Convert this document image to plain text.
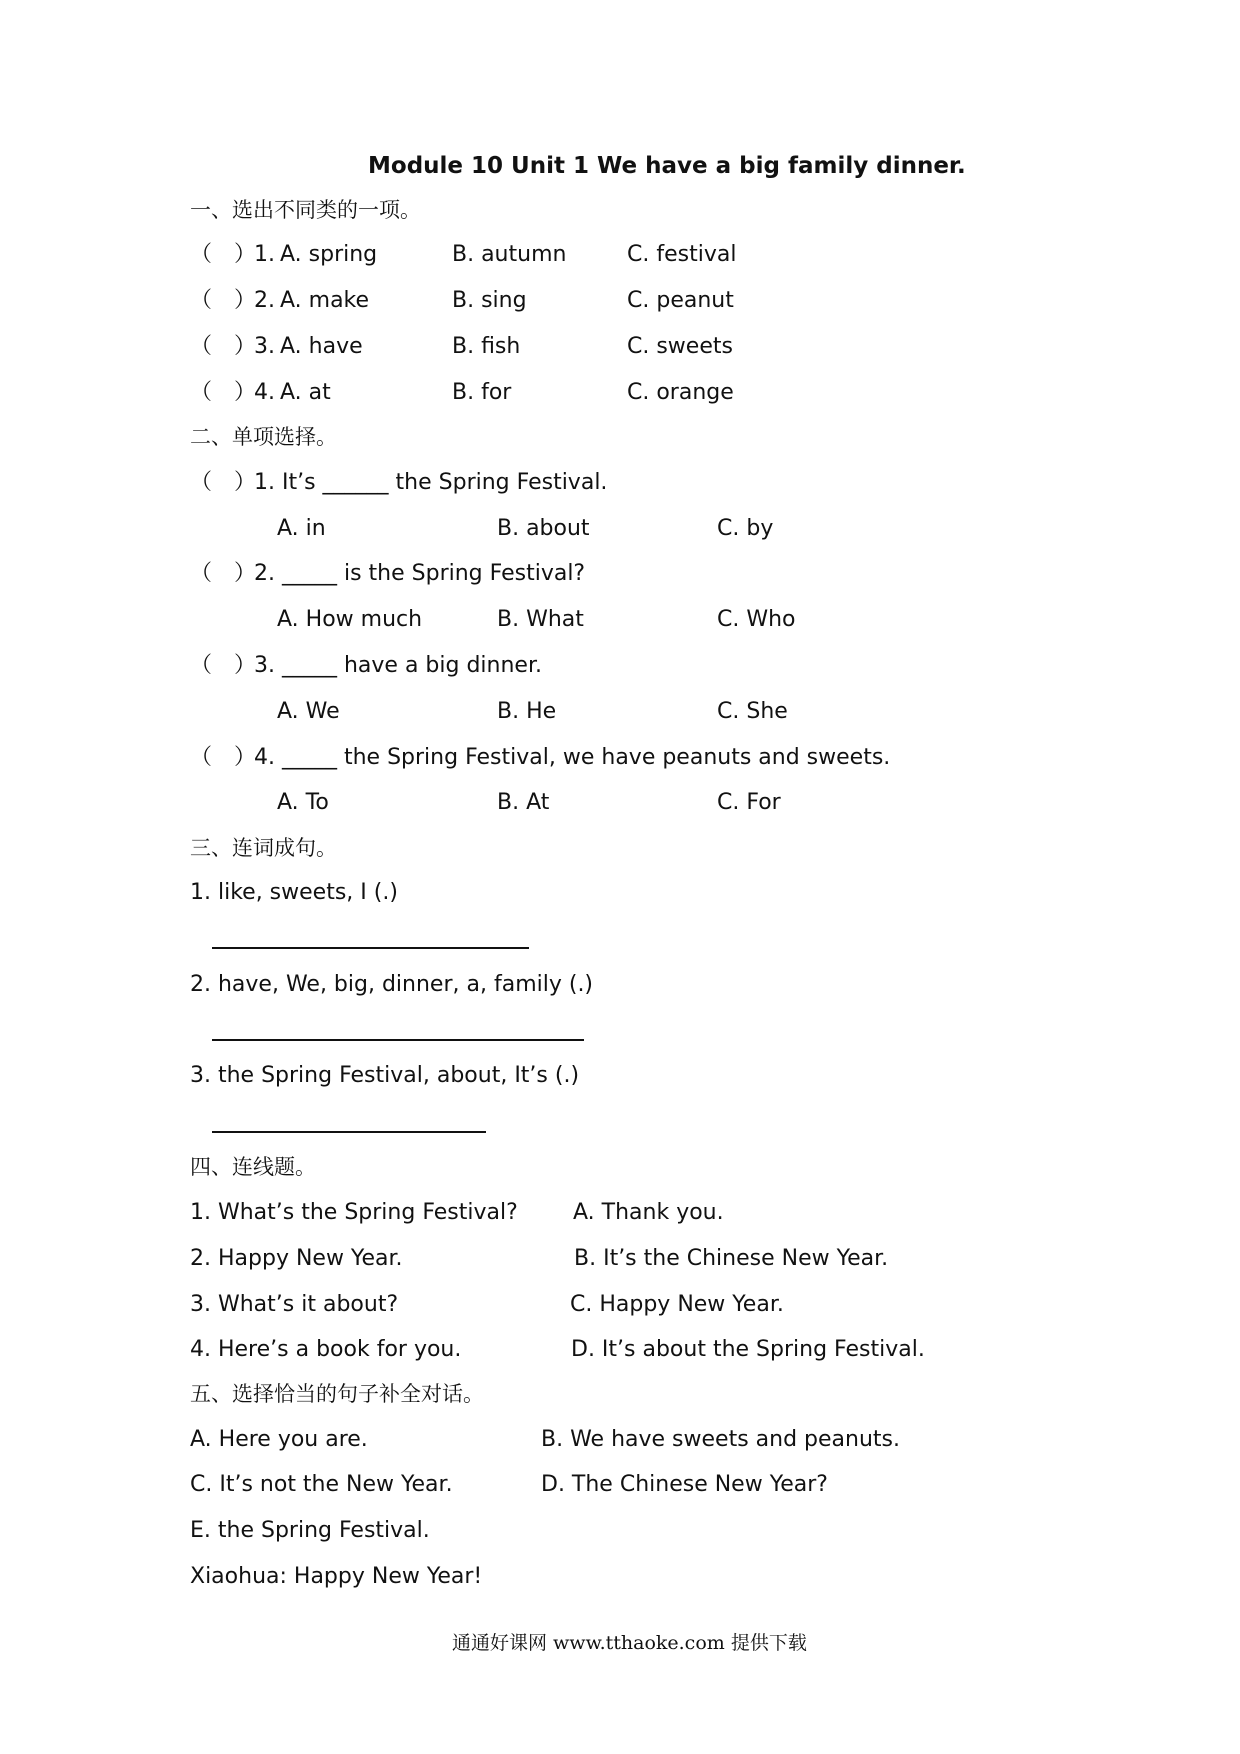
Module 10 Unit 1 We have a big family dinner.
一、选出不同类的一项。
（　）
1. A. spring	B. autumn	C. festival
（　）
2. A. make	B. sing	C. peanut
（　）
3. A. have	B. fish	C. sweets
（　）
4. A. at	B. for	C. orange
二、单项选择。
（　）
1. It’s ______ the Spring Festival.
A. in	B. about	C. by
（　）
2. _____ is the Spring Festival?
A. How much	B. What	C. Who
（　）
3. _____ have a big dinner.
A. We	B. He	C. She
（　）
4. _____ the Spring Festival, we have peanuts and sweets.
A. To	B. At	C. For
三、连词成句。
1. like, sweets, I (.)
2. have, We, big, dinner, a, family (.)
3. the Spring Festival, about, It’s (.)
四、连线题。
1. What’s the Spring Festival?	A. Thank you.
2. Happy New Year.	B. It’s the Chinese New Year.
3. What’s it about?	C. Happy New Year.
4. Here’s a book for you.	D. It’s about the Spring Festival.
五、选择恰当的句子补全对话。
A. Here you are.	B. We have sweets and peanuts.
C. It’s not the New Year.	D. The Chinese New Year?
E. the Spring Festival.
Xiaohua: Happy New Year!
通通好课网 www.tthaoke.com 提供下载
